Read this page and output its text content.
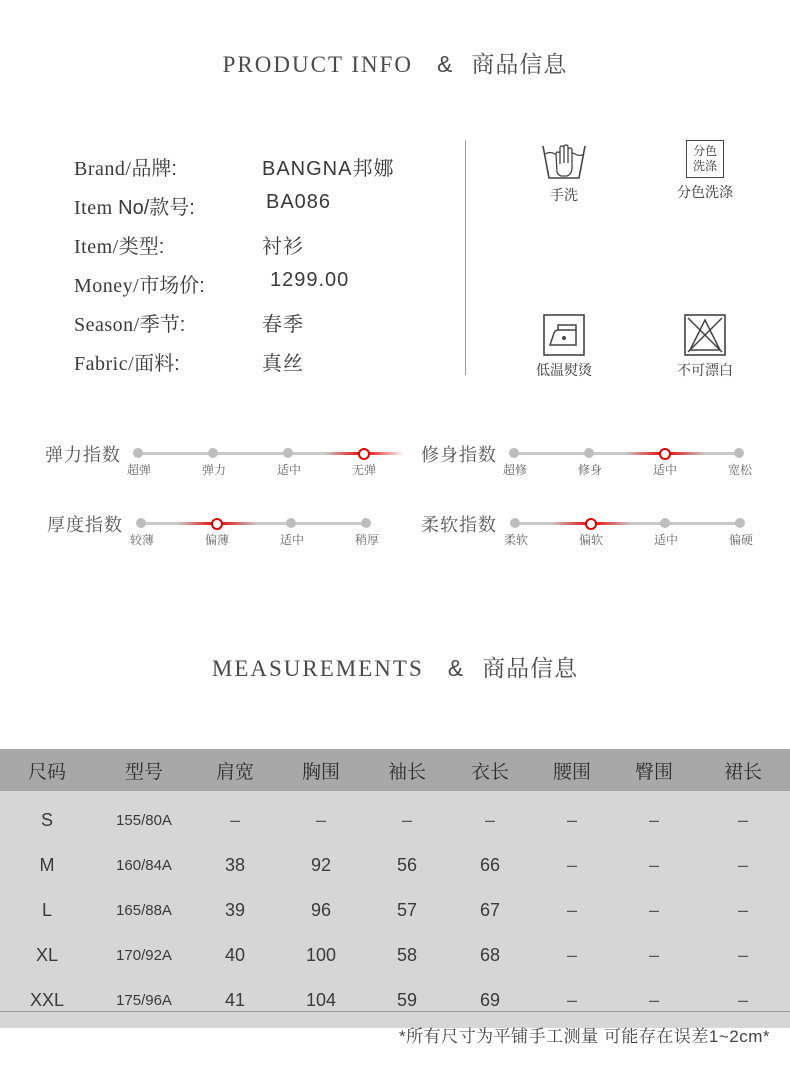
PRODUCT INFO & 商品信息
Brand/品牌:	BANGNA邦娜
Item No/款号:	BA086
Item/类型:	衬衫
Money/市场价:	1299.00
Season/季节:	春季
Fabric/面料:	真丝
手洗
分色
洗涤
分色洗涤
低温熨烫	不可漂白
弹力指数
超弹	弹力	适中	无弹
修身指数
超修	修身	适中	宽松
厚度指数
较薄	偏薄	适中	稍厚
柔软指数
柔软	偏软	适中	偏硬
MEASUREMENTS & 商品信息
尺码	型号	肩宽	胸围	袖长	衣长	腰围	臀围	裙长
S	155/80A	–	–	–	–	–	–	–
M	160/84A	38	92	56	66	–	–	–
L	165/88A	39	96	57	67	–	–	–
XL	170/92A	40	100	58	68	–	–	–
XXL	175/96A	41	104	59	69	–	–	–
*所有尺寸为平铺手工测量 可能存在误差1~2cm*
